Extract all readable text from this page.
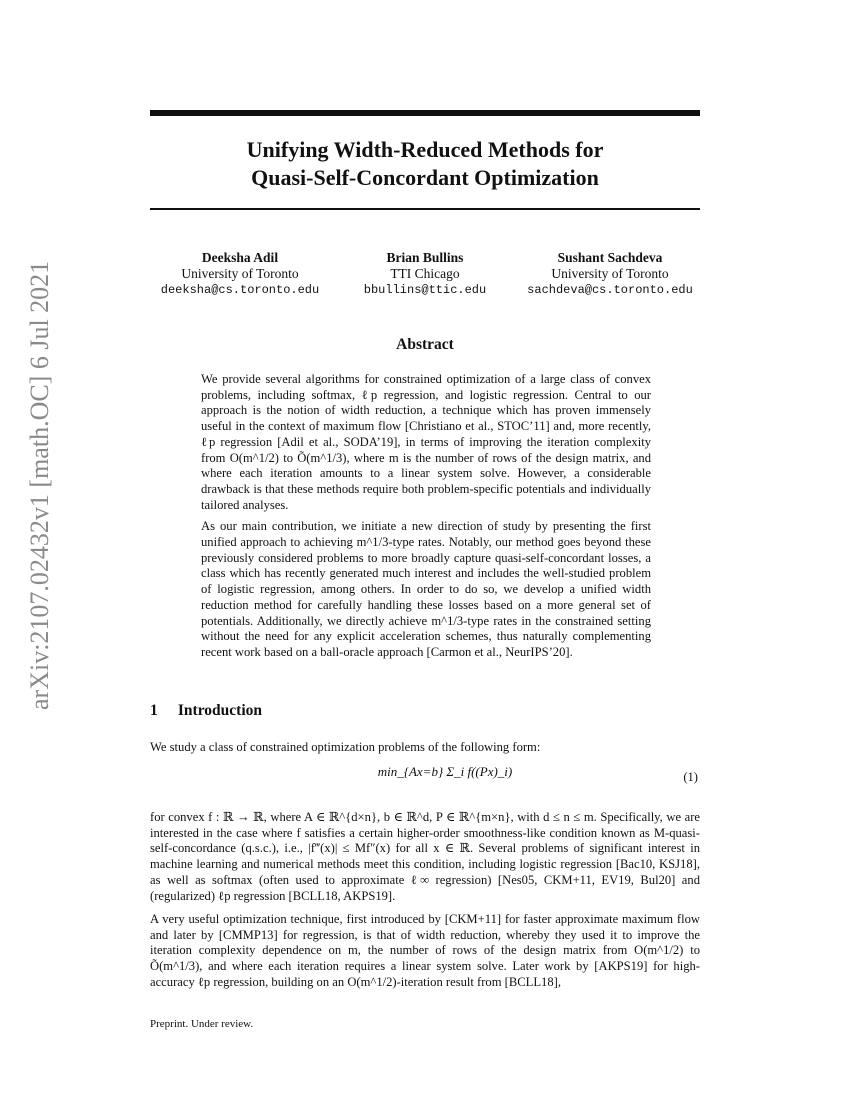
arXiv:2107.02432v1 [math.OC] 6 Jul 2021
Unifying Width-Reduced Methods for
Quasi-Self-Concordant Optimization
Deeksha Adil
University of Toronto
deeksha@cs.toronto.edu
Brian Bullins
TTI Chicago
bbullins@ttic.edu
Sushant Sachdeva
University of Toronto
sachdeva@cs.toronto.edu
Abstract

We provide several algorithms for constrained optimization of a large class of convex problems, including softmax, ℓp regression, and logistic regression. Central to our approach is the notion of width reduction, a technique which has proven immensely useful in the context of maximum flow [Christiano et al., STOC’11] and, more recently, ℓp regression [Adil et al., SODA’19], in terms of improving the iteration complexity from O(m^1/2) to Õ(m^1/3), where m is the number of rows of the design matrix, and where each iteration amounts to a linear system solve. However, a considerable drawback is that these methods require both problem-specific potentials and individually tailored analyses.

As our main contribution, we initiate a new direction of study by presenting the first unified approach to achieving m^1/3-type rates. Notably, our method goes beyond these previously considered problems to more broadly capture quasi-self-concordant losses, a class which has recently generated much interest and includes the well-studied problem of logistic regression, among others. In order to do so, we develop a unified width reduction method for carefully handling these losses based on a more general set of potentials. Additionally, we directly achieve m^1/3-type rates in the constrained setting without the need for any explicit acceleration schemes, thus naturally complementing recent work based on a ball-oracle approach [Carmon et al., NeurIPS’20].

1 Introduction
We study a class of constrained optimization problems of the following form:
min_{Ax=b} Σ_i f((Px)_i)	(1)
for convex f : ℝ → ℝ, where A ∈ ℝ^{d×n}, b ∈ ℝ^d, P ∈ ℝ^{m×n}, with d ≤ n ≤ m. Specifically, we are interested in the case where f satisfies a certain higher-order smoothness-like condition known as M-quasi-self-concordance (q.s.c.), i.e., |f‴(x)| ≤ Mf″(x) for all x ∈ ℝ. Several problems of significant interest in machine learning and numerical methods meet this condition, including logistic regression [Bac10, KSJ18], as well as softmax (often used to approximate ℓ∞ regression) [Nes05, CKM+11, EV19, Bul20] and (regularized) ℓp regression [BCLL18, AKPS19].
A very useful optimization technique, first introduced by [CKM+11] for faster approximate maximum flow and later by [CMMP13] for regression, is that of width reduction, whereby they used it to improve the iteration complexity dependence on m, the number of rows of the design matrix from O(m^1/2) to Õ(m^1/3), and where each iteration requires a linear system solve. Later work by [AKPS19] for high-accuracy ℓp regression, building on an O(m^1/2)-iteration result from [BCLL18],
Preprint. Under review.
